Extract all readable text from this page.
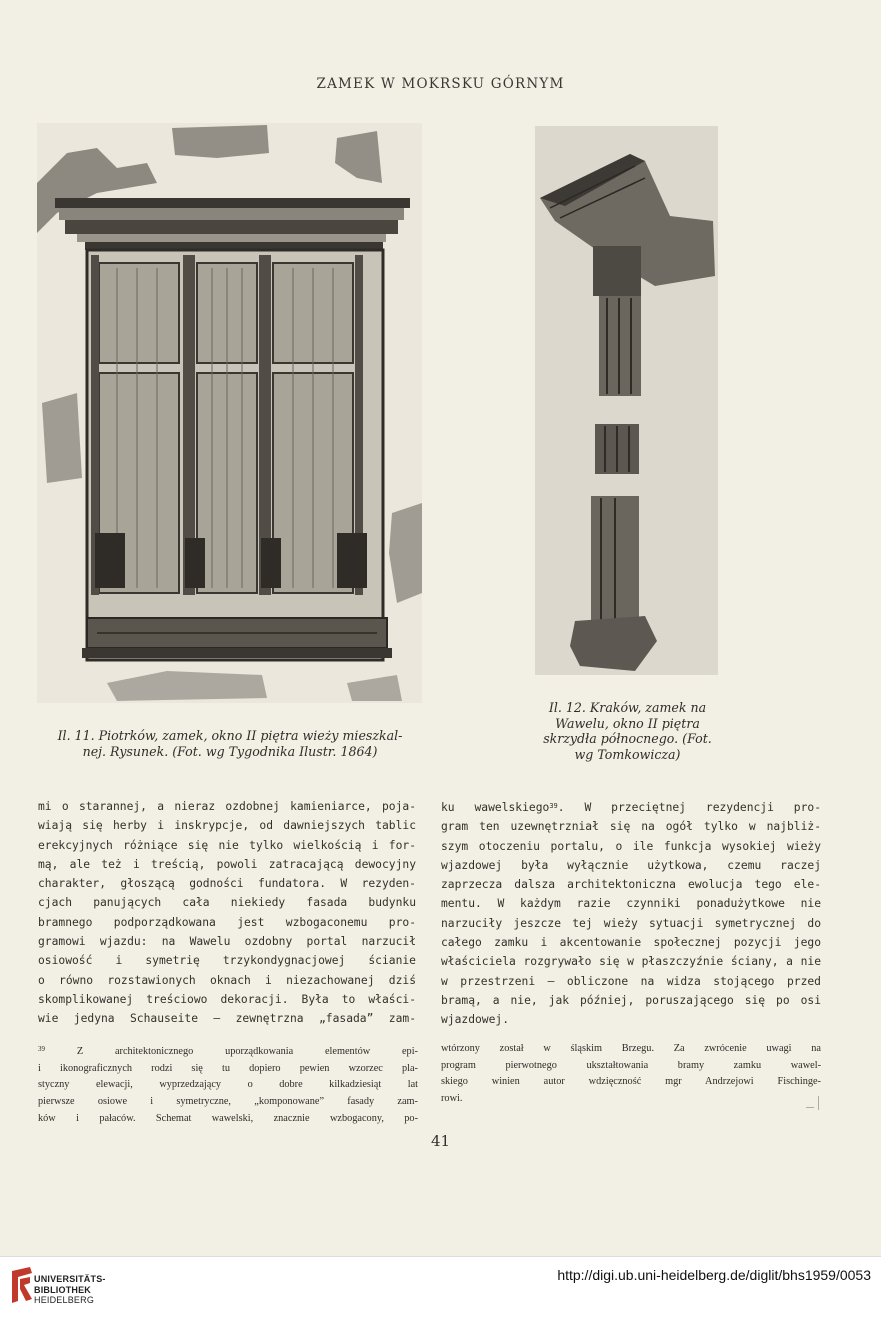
ZAMEK W MOKRSKU GÓRNYM
Il. 11. Piotrków, zamek, okno II piętra wieży mieszkal-
nej. Rysunek. (Fot. wg Tygodnika Ilustr. 1864)
Il. 12. Kraków, zamek na
Wawelu, okno II piętra
skrzydła północnego. (Fot.
wg Tomkowicza)
mi o starannej, a nieraz ozdobnej kamieniarce, poja-
wiają się herby i inskrypcje, od dawniejszych tablic
erekcyjnych różniące się nie tylko wielkością i for-
mą, ale też i treścią, powoli zatracającą dewocyjny
charakter, głoszącą godności fundatora. W rezyden-
cjach panujących cała niekiedy fasada budynku
bramnego podporządkowana jest wzbogaconemu pro-
gramowi wjazdu: na Wawelu ozdobny portal narzucił
osiowość i symetrię trzykondygnacjowej ścianie
o równo rozstawionych oknach i niezachowanej dziś
skomplikowanej treściowo dekoracji. Była to właści-
wie jedyna Schauseite — zewnętrzna „fasada” zam-
ku wawelskiego$^{39}$. W przeciętnej rezydencji pro-
gram ten uzewnętrzniał się na ogół tylko w najbliż-
szym otoczeniu portalu, o ile funkcja wysokiej wieży
wjazdowej była wyłącznie użytkowa, czemu raczej
zaprzecza dalsza architektoniczna ewolucja tego ele-
mentu. W każdym razie czynniki ponadużytkowe nie
narzuciły jeszcze tej wieży sytuacji symetrycznej do
całego zamku i akcentowanie społecznej pozycji jego
właściciela rozgrywało się w płaszczyźnie ściany, a nie
w przestrzeni — obliczone na widza stojącego przed
bramą, a nie, jak później, poruszającego się po osi
wjazdowej.
$^{39}$	Z architektonicznego uporządkowania elementów epi-
i ikonograficznych rodzi się tu dopiero pewien wzorzec pla-
styczny elewacji, wyprzedzający o dobre kilkadziesiąt lat
pierwsze osiowe i symetryczne, „komponowane” fasady zam-
ków i pałaców. Schemat wawelski, znacznie wzbogacony, po-
wtórzony został w śląskim Brzegu. Za zwrócenie uwagi na
program pierwotnego ukształtowania bramy zamku wawel-
skiego winien autor wdzięczność mgr Andrzejowi Fischinge-
rowi.
41
UNIVERSITÄTS-
BIBLIOTHEK
HEIDELBERG
http://digi.ub.uni-heidelberg.de/diglit/bhs1959/0053
